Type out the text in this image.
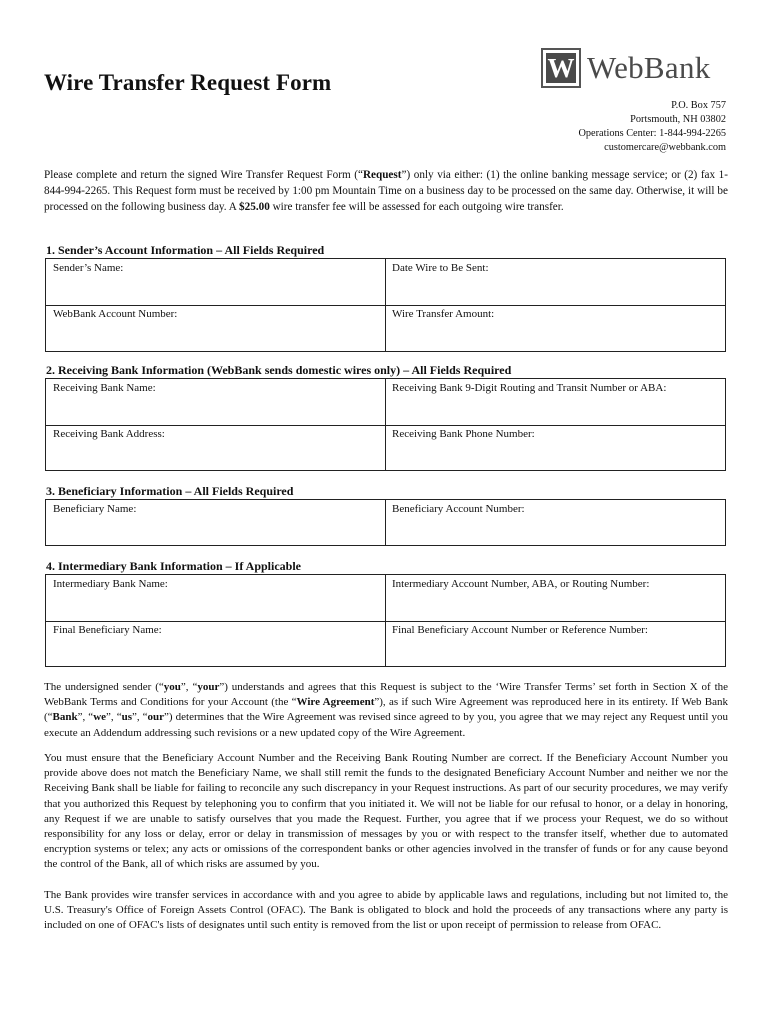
Wire Transfer Request Form	W WebBank
P.O. Box 757
Portsmouth, NH 03802
Operations Center: 1-844-994-2265
customercare@webbank.com
Please complete and return the signed Wire Transfer Request Form (“Request”) only via either: (1) the online banking message service; or (2) fax 1-844-994-2265. This Request form must be received by 1:00 pm Mountain Time on a business day to be processed on the same day. Otherwise, it will be processed on the following business day. A $25.00 wire transfer fee will be assessed for each outgoing wire transfer.
1. Sender’s Account Information – All Fields Required
Sender’s Name:	Date Wire to Be Sent:
WebBank Account Number:	Wire Transfer Amount:
2. Receiving Bank Information (WebBank sends domestic wires only) – All Fields Required
Receiving Bank Name:	Receiving Bank 9-Digit Routing and Transit Number or ABA:
Receiving Bank Address:	Receiving Bank Phone Number:
3. Beneficiary Information – All Fields Required
Beneficiary Name:	Beneficiary Account Number:
4. Intermediary Bank Information – If Applicable
Intermediary Bank Name:	Intermediary Account Number, ABA, or Routing Number:
Final Beneficiary Name:	Final Beneficiary Account Number or Reference Number:
The undersigned sender (“you”, “your”) understands and agrees that this Request is subject to the ‘Wire Transfer Terms’ set forth in Section X of the WebBank Terms and Conditions for your Account (the “Wire Agreement”), as if such Wire Agreement was reproduced here in its entirety. If Web Bank (“Bank”, “we”, “us”, “our”) determines that the Wire Agreement was revised since agreed to by you, you agree that we may reject any Request until you execute an Addendum addressing such revisions or a new updated copy of the Wire Agreement.
You must ensure that the Beneficiary Account Number and the Receiving Bank Routing Number are correct. If the Beneficiary Account Number you provide above does not match the Beneficiary Name, we shall still remit the funds to the designated Beneficiary Account Number and neither we nor the Receiving Bank shall be liable for failing to reconcile any such discrepancy in your Request instructions. As part of our security procedures, we may verify that you authorized this Request by telephoning you to confirm that you initiated it. We will not be liable for our refusal to honor, or a delay in honoring, any Request if we are unable to satisfy ourselves that you made the Request. Further, you agree that if we process your Request, we do so without responsibility for any loss or delay, error or delay in transmission of messages by you or with respect to the transfer itself, whether due to automated encryption systems or telex; any acts or omissions of the correspondent banks or other agencies involved in the transfer of funds or for any cause beyond the control of the Bank, all of which risks are assumed by you.
The Bank provides wire transfer services in accordance with and you agree to abide by applicable laws and regulations, including but not limited to, the U.S. Treasury's Office of Foreign Assets Control (OFAC). The Bank is obligated to block and hold the proceeds of any transactions where any party is included on one of OFAC's lists of designates until such entity is removed from the list or upon receipt of permission to release from OFAC.
